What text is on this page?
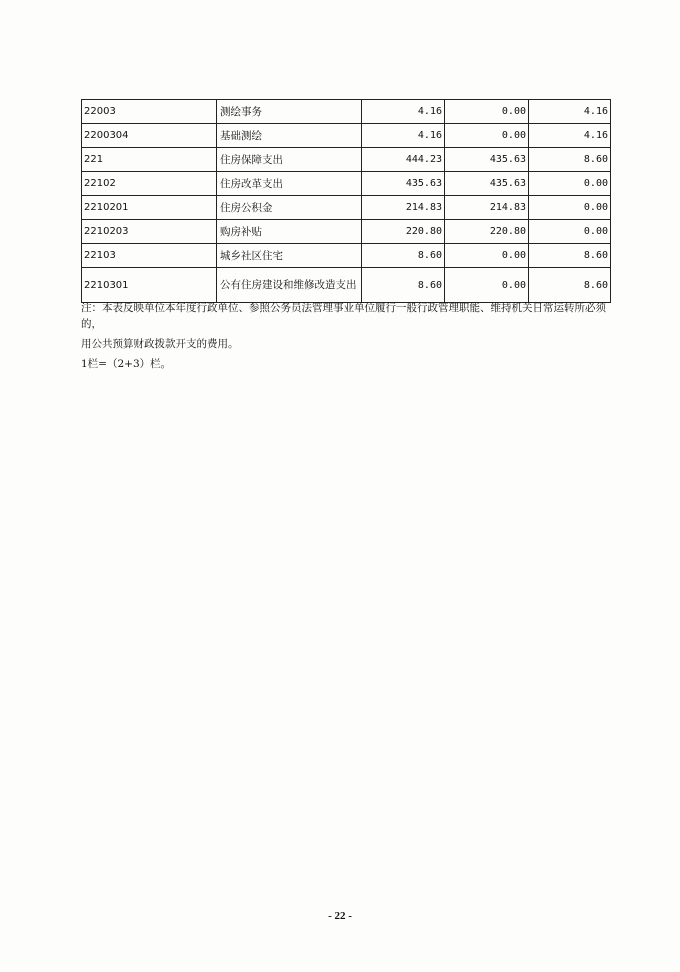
22003	测绘事务	4.16	0.00	4.16
2200304	基础测绘	4.16	0.00	4.16
221	住房保障支出	444.23	435.63	8.60
22102	住房改革支出	435.63	435.63	0.00
2210201	住房公积金	214.83	214.83	0.00
2210203	购房补贴	220.80	220.80	0.00
22103	城乡社区住宅	8.60	0.00	8.60
2210301	公有住房建设和维修改造支出	8.60	0.00	8.60
注：本表反映单位本年度行政单位、参照公务员法管理事业单位履行一般行政管理职能、维持机关日常运转所必须
的，
用公共预算财政拨款开支的费用。
1栏=（2+3）栏。
- 22 -
